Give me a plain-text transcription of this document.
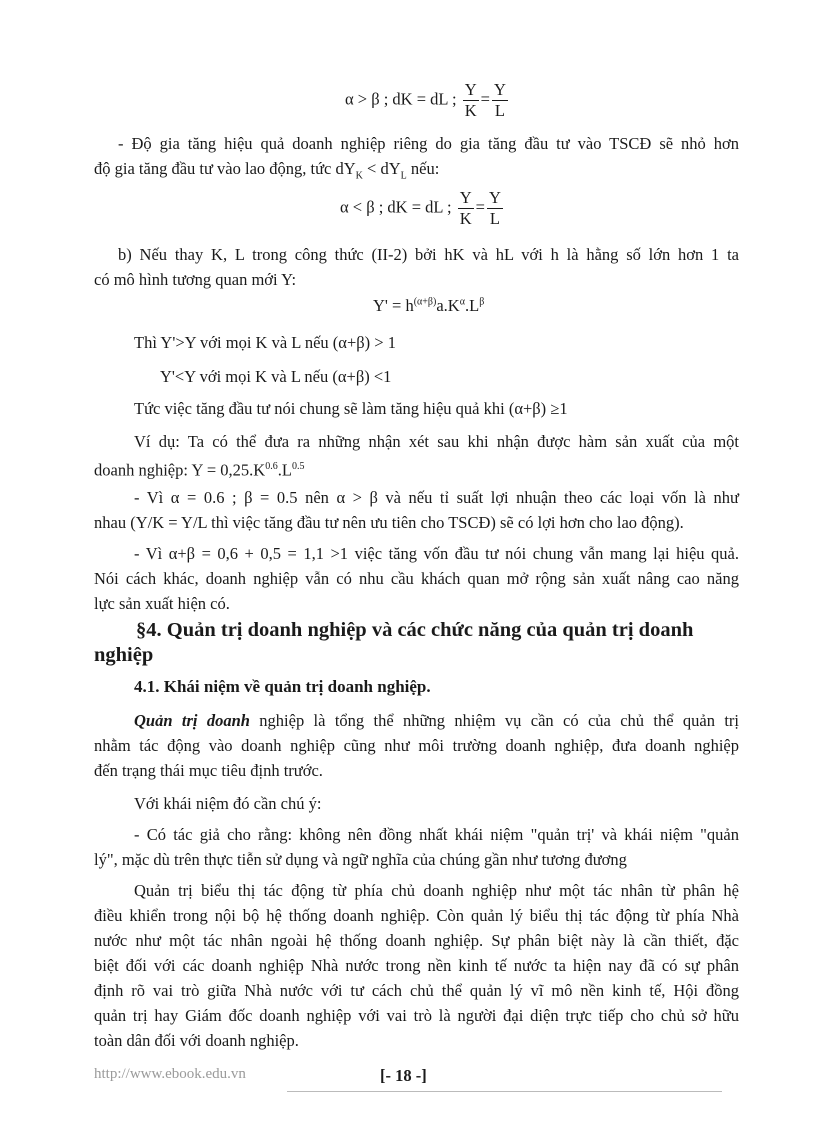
α > β ; dK = dL ; $\frac{Y}{K} = \frac{Y}{L}$
- Độ gia tăng hiệu quả doanh nghiệp riêng do gia tăng đầu tư vào TSCĐ sẽ nhỏ hơn
độ gia tăng đầu tư vào lao động, tức $dY_K < dY_L$ nếu:
α < β ; dK = dL ; $\frac{Y}{K} = \frac{Y}{L}$
b) Nếu thay K, L trong công thức (II-2) bởi hK và hL với h là hằng số lớn hơn 1 ta
có mô hình tương quan mới Y:
$Y' = h^{(\alpha+\beta)}a.K^\alpha.L^\beta$
Thì Y'>Y với mọi K và L nếu (α+β) > 1
Y'<Y với mọi K và L nếu (α+β) <1
Tức việc tăng đầu tư nói chung sẽ làm tăng hiệu quả khi (α+β) ≥1
Ví dụ: Ta có thể đưa ra những nhận xét sau khi nhận được hàm sản xuất của một
doanh nghiệp: $Y = 0,25.K^{0.6}.L^{0.5}$
- Vì α = 0.6 ; β = 0.5 nên α > β và nếu tỉ suất lợi nhuận theo các loại vốn là như
nhau (Y/K = Y/L thì việc tăng đầu tư nên ưu tiên cho TSCĐ) sẽ có lợi hơn cho lao động).
- Vì α+β = 0,6 + 0,5 = 1,1 >1 việc tăng vốn đầu tư nói chung vẫn mang lại hiệu quả.
Nói cách khác, doanh nghiệp vẫn có nhu cầu khách quan mở rộng sản xuất nâng cao năng
lực sản xuất hiện có.
§4. Quản trị doanh nghiệp và các chức năng của quản trị doanh
nghiệp
4.1. Khái niệm về quản trị doanh nghiệp.
Quản trị doanh nghiệp là tổng thể những nhiệm vụ cần có của chủ thể quản trị
nhằm tác động vào doanh nghiệp cũng như môi trường doanh nghiệp, đưa doanh nghiệp
đến trạng thái mục tiêu định trước.
Với khái niệm đó cần chú ý:
- Có tác giả cho rằng: không nên đồng nhất khái niệm "quản trị' và khái niệm "quản
lý", mặc dù trên thực tiễn sử dụng và ngữ nghĩa của chúng gần như tương đương
Quản trị biểu thị tác động từ phía chủ doanh nghiệp như một tác nhân từ phân hệ
điều khiển trong nội bộ hệ thống doanh nghiệp. Còn quản lý biểu thị tác động từ phía Nhà
nước như một tác nhân ngoài hệ thống doanh nghiệp. Sự phân biệt này là cần thiết, đặc
biệt đối với các doanh nghiệp Nhà nước trong nền kinh tế nước ta hiện nay đã có sự phân
định rõ vai trò giữa Nhà nước với tư cách chủ thể quản lý vĩ mô nền kinh tế, Hội đồng
quản trị hay Giám đốc doanh nghiệp với vai trò là người đại diện trực tiếp cho chủ sở hữu
toàn dân đối với doanh nghiệp.
http://www.ebook.edu.vn	[- 18 -]
